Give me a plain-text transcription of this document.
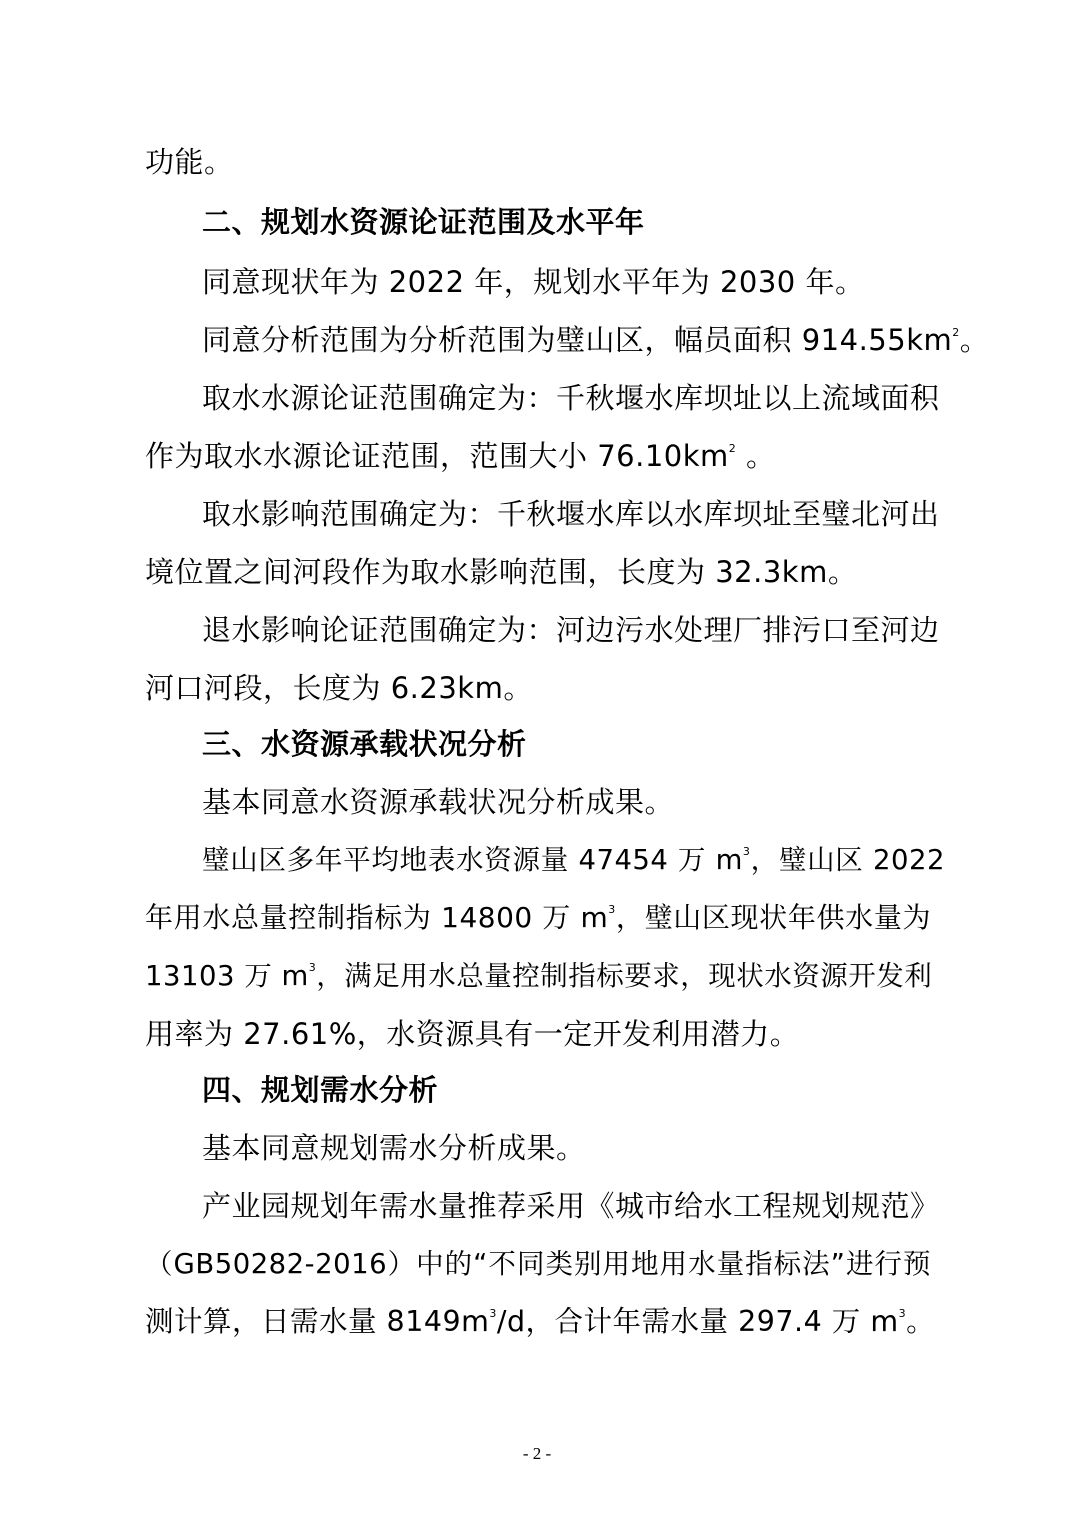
功能。
二、规划水资源论证范围及水平年
同意现状年为 2022 年，规划水平年为 2030 年。
同意分析范围为分析范围为璧山区，幅员面积 $914.55km^2$。
取水水源论证范围确定为：千秋堰水库坝址以上流域面积
作为取水水源论证范围，范围大小 $76.10km^2$ 。
取水影响范围确定为：千秋堰水库以水库坝址至璧北河出
境位置之间河段作为取水影响范围，长度为 32.3km。
退水影响论证范围确定为：河边污水处理厂排污口至河边
河口河段，长度为 6.23km。
三、水资源承载状况分析
基本同意水资源承载状况分析成果。
璧山区多年平均地表水资源量 47454 万 $m^3$，璧山区 2022
年用水总量控制指标为 14800 万 $m^3$，璧山区现状年供水量为
13103 万 $m^3$，满足用水总量控制指标要求，现状水资源开发利
用率为 27.61%，水资源具有一定开发利用潜力。
四、规划需水分析
基本同意规划需水分析成果。
产业园规划年需水量推荐采用《城市给水工程规划规范》
（GB50282-2016）中的“不同类别用地用水量指标法”进行预
测计算，日需水量 $8149m^3/d$，合计年需水量 297.4 万 $m^3$。
- 2 -
